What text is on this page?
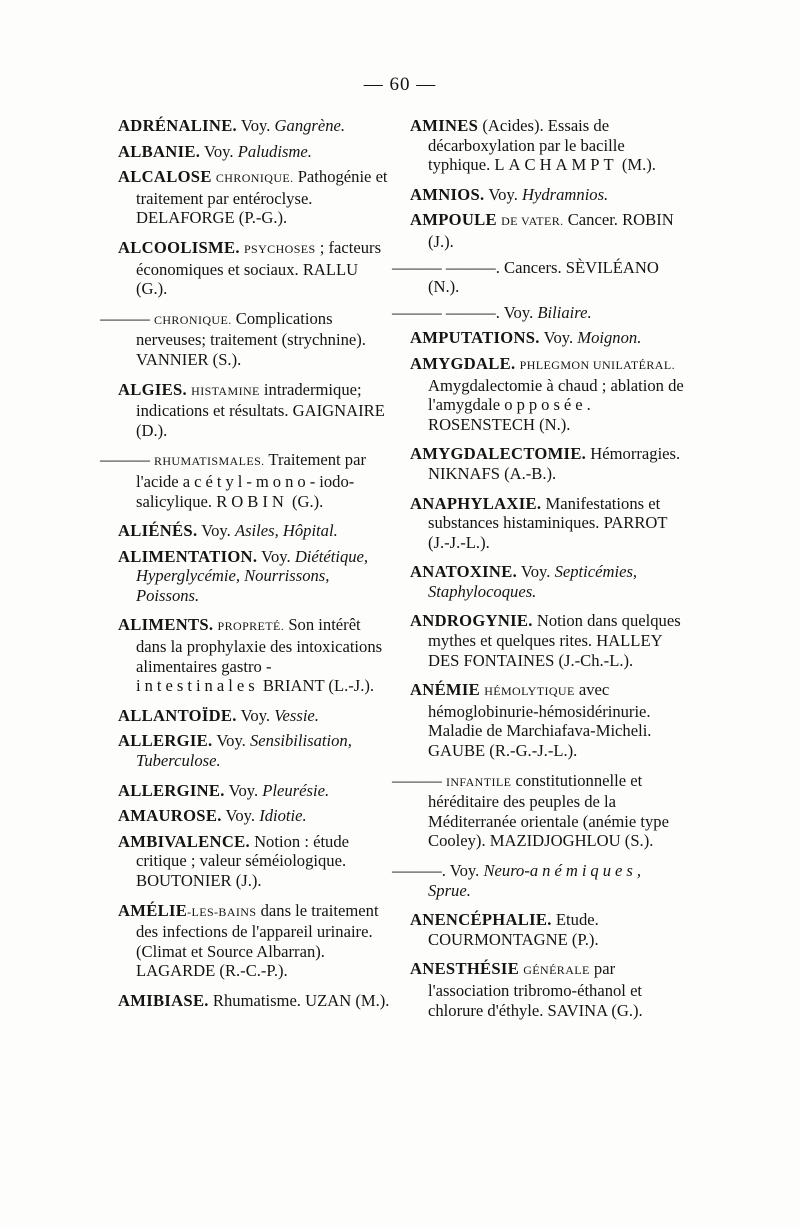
— 60 —

ADRÉNALINE. Voy. Gangrène.

ALBANIE. Voy. Paludisme.

ALCALOSE CHRONIQUE. Pathogénie et traitement par entéroclyse. DELAFORGE (P.-G.).

ALCOOLISME. PSYCHOSES ; facteurs économiques et sociaux. RALLU (G.).

——— CHRONIQUE. Complications nerveuses; traitement (strychnine). VANNIER (S.).

ALGIES. HISTAMINE intradermique; indications et résultats. GAIGNAIRE (D.).

——— RHUMATISMALES. Traitement par l'acide acétyl-mono-iodo-salicylique. ROBIN (G.).

ALIÉNÉS. Voy. Asiles, Hôpital.

ALIMENTATION. Voy. Diététique, Hyperglycémie, Nourrissons, Poissons.

ALIMENTS. PROPRETÉ. Son intérêt dans la prophylaxie des intoxications alimentaires gastro - intestinales BRIANT (L.-J.).

ALLANTOÏDE. Voy. Vessie.

ALLERGIE. Voy. Sensibilisation, Tuberculose.

ALLERGINE. Voy. Pleurésie.

AMAUROSE. Voy. Idiotie.

AMBIVALENCE. Notion : étude critique ; valeur séméiologique. BOUTONIER (J.).

AMÉLIE-LES-BAINS dans le traitement des infections de l'appareil urinaire. (Climat et Source Albarran). LAGARDE (R.-C.-P.).

AMIBIASE. Rhumatisme. UZAN (M.).

AMINES (Acides). Essais de décarboxylation par le bacille typhique. LACHAMPT (M.).

AMNIOS. Voy. Hydramnios.

AMPOULE DE VATER. Cancer. ROBIN (J.).

——— ———. Cancers. SÈVILÉANO (N.).

——— ———. Voy. Biliaire.

AMPUTATIONS. Voy. Moignon.

AMYGDALE. PHLEGMON UNILATÉRAL. Amygdalectomie à chaud ; ablation de l'amygdale opposée. ROSENSTECH (N.).

AMYGDALECTOMIE. Hémorragies. NIKNAFS (A.-B.).

ANAPHYLAXIE. Manifestations et substances histaminiques. PARROT (J.-J.-L.).

ANATOXINE. Voy. Septicémies, Staphylocoques.

ANDROGYNIE. Notion dans quelques mythes et quelques rites. HALLEY DES FONTAINES (J.-Ch.-L.).

ANÉMIE HÉMOLYTIQUE avec hémoglobinurie-hémosidérinurie. Maladie de Marchiafava-Micheli. GAUBE (R.-G.-J.-L.).

——— INFANTILE constitutionnelle et héréditaire des peuples de la Méditerranée orientale (anémie type Cooley). MAZIDJOGHLOU (S.).

———. Voy. Neuro-anémiques, Sprue.

ANENCÉPHALIE. Etude. COURMONTAGNE (P.).

ANESTHÉSIE GÉNÉRALE par l'association tribromo-éthanol et chlorure d'éthyle. SAVINA (G.).
